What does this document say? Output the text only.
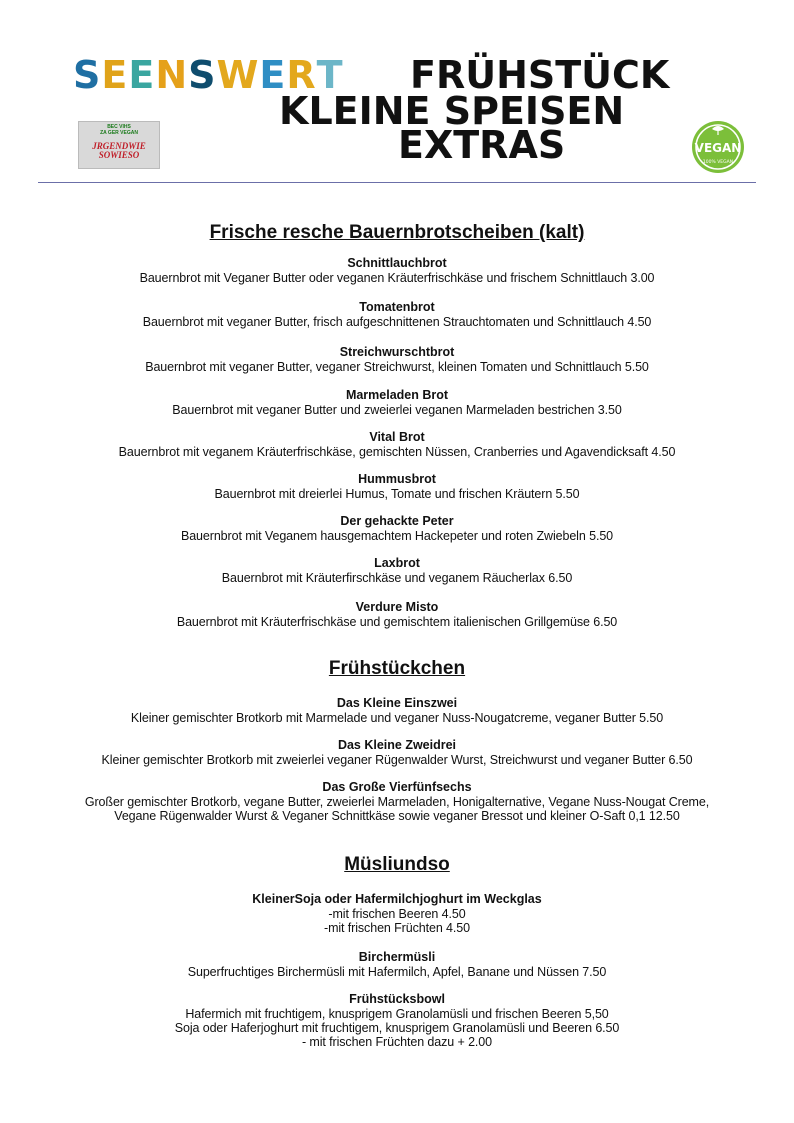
S E E N S W E R T FRÜHSTÜCK
KLEINE SPEISEN
EXTRAS
BEC VIHS
ZA GER VEGAN
JRGENDWIE
SOWIESO	VEGAN
100% VEGAN
Frische resche Bauernbrotscheiben (kalt)
Schnittlauchbrot
Bauernbrot mit Veganer Butter oder veganen Kräuterfrischkäse und frischem Schnittlauch 3.00
Tomatenbrot
Bauernbrot mit veganer Butter, frisch aufgeschnittenen Strauchtomaten und Schnittlauch 4.50
Streichwurschtbrot
Bauernbrot mit veganer Butter, veganer Streichwurst, kleinen Tomaten und Schnittlauch 5.50
Marmeladen Brot
Bauernbrot mit veganer Butter und zweierlei veganen Marmeladen bestrichen 3.50
Vital Brot
Bauernbrot mit veganem Kräuterfrischkäse, gemischten Nüssen, Cranberries und Agavendicksaft 4.50
Hummusbrot
Bauernbrot mit dreierlei Humus, Tomate und frischen Kräutern 5.50
Der gehackte Peter
Bauernbrot mit Veganem hausgemachtem Hackepeter und roten Zwiebeln 5.50
Laxbrot
Bauernbrot mit Kräuterfirschkäse und veganem Räucherlax 6.50
Verdure Misto
Bauernbrot mit Kräuterfrischkäse und gemischtem italienischen Grillgemüse 6.50
Frühstückchen
Das Kleine Einszwei
Kleiner gemischter Brotkorb mit Marmelade und veganer Nuss-Nougatcreme, veganer Butter 5.50
Das Kleine Zweidrei
Kleiner gemischter Brotkorb mit zweierlei veganer Rügenwalder Wurst, Streichwurst und veganer Butter 6.50
Das Große Vierfünfsechs
Großer gemischter Brotkorb, vegane Butter, zweierlei Marmeladen, Honigalternative, Vegane Nuss-Nougat Creme,
Vegane Rügenwalder Wurst & Veganer Schnittkäse sowie veganer Bressot und kleiner O-Saft 0,1 12.50
Müsliundso
KleinerSoja oder Hafermilchjoghurt im Weckglas
-mit frischen Beeren 4.50
-mit frischen Früchten 4.50
Birchermüsli
Superfruchtiges Birchermüsli mit Hafermilch, Apfel, Banane und Nüssen 7.50
Frühstücksbowl
Hafermich mit fruchtigem, knusprigem Granolamüsli und frischen Beeren 5,50
Soja oder Haferjoghurt mit fruchtigem, knusprigem Granolamüsli und Beeren 6.50
- mit frischen Früchten dazu + 2.00
